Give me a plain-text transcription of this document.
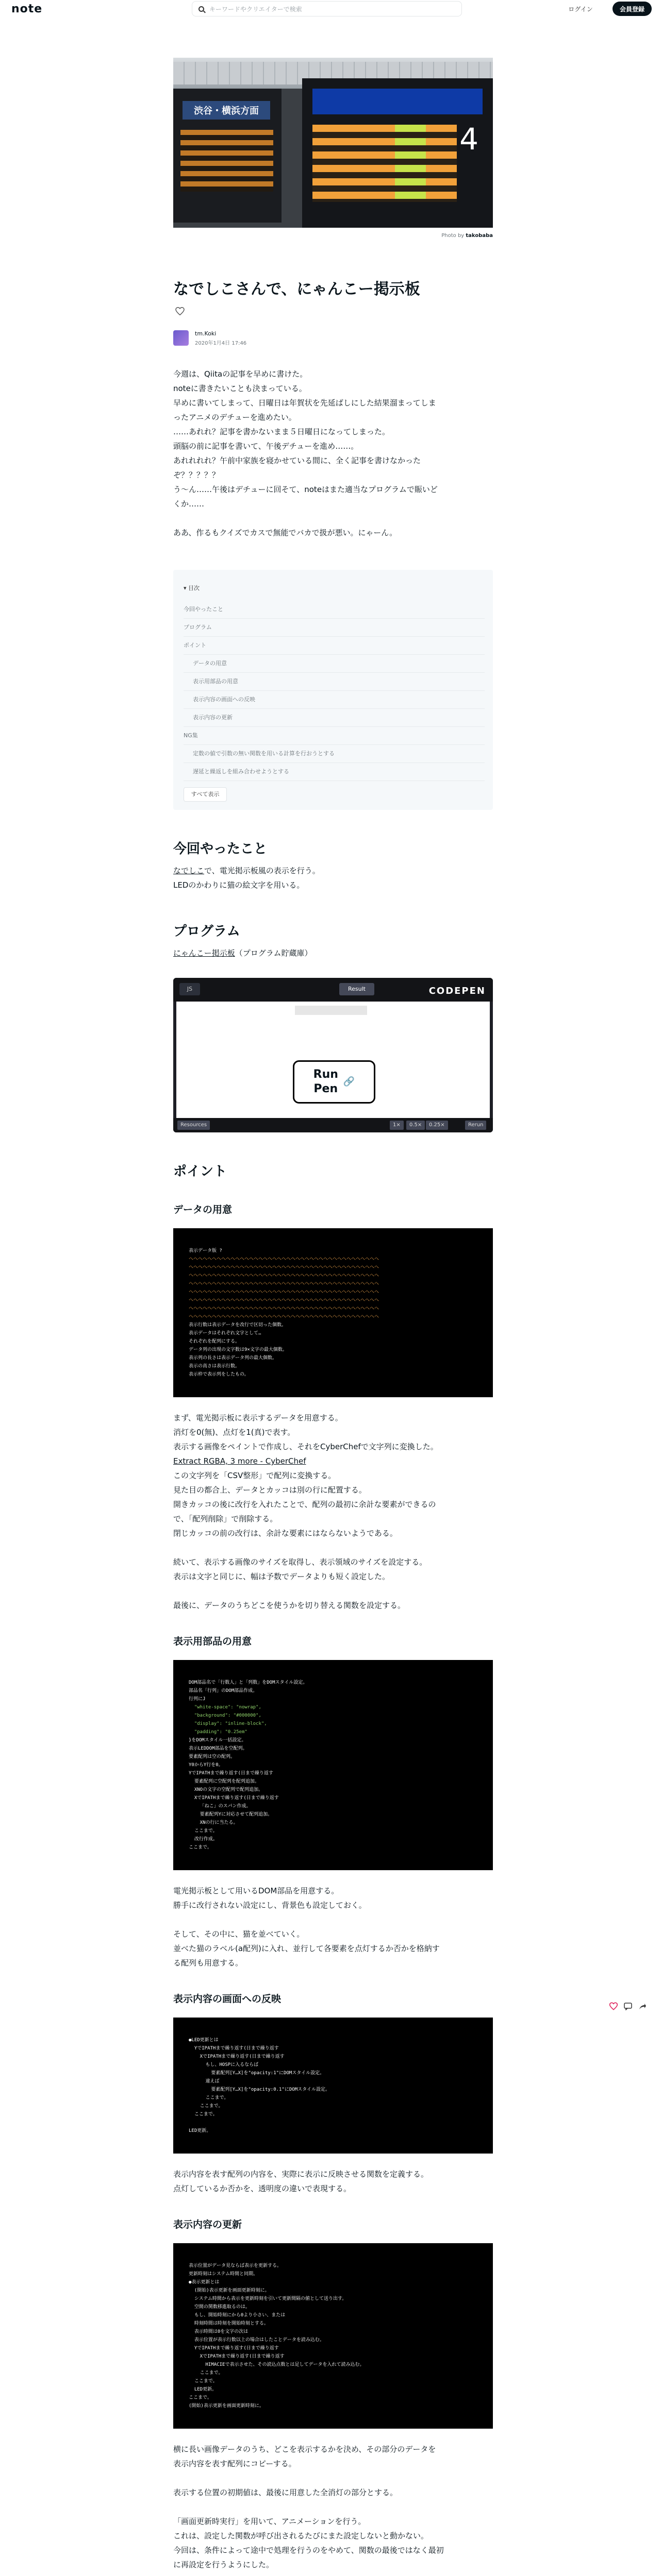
note	キーワードやクリエイターで検索	ログイン	会員登録
渋谷・横浜方面
4
Photo by takobaba
なでしこさんで、にゃんこー掲示板
tm.Koki
2020年1月4日 17:46

今週は、Qiitaの記事を早めに書けた。

noteに書きたいことも決まっている。

早めに書いてしまって、日曜日は年賀状を先延ばしにした結果溜まってしま

ったアニメのデチューを進めたい。

……あれれ？記事を書かないまま５日曜日になってしまった。

頭脳の前に記事を書いて、午後デチューを進め……。

あれれれれ？午前中家族を寝かせている間に、全く記事を書けなかった

ぞ？？？？？

う〜ん……午後はデチューに回そて、noteはまた適当なプログラムで賑いど

くか……

ああ、作るもクイズでカスで無能でバカで扱が悪い。にゃーん。

▾ 目次
今回やったこと
プログラム
ポイント
データの用意
表示用部品の用意
表示内容の画面への反映
表示内容の更新
NG集
定数の値で引数の無い関数を用いる計算を行おうとする
遅延と繰返しを組み合わせようとする
すべて表示
今回やったこと

なでしこで、電光掲示板風の表示を行う。

LEDのかわりに猫の絵文字を用いる。

プログラム

にゃんこー掲示板（プログラム貯蔵庫）

JS	Result	CODEPEN
Run
Pen
🔗
Resources	1×	0.5×	0.25×	Rerun
ポイント
データの用意
表示データ版 ?
へへへへへへへへへへへへへへへへへへへへへへへへへへへへへへへへへへへへへへへへへ
へへへへへへへへへへへへへへへへへへへへへへへへへへへへへへへへへへへへへへへへへ
へへへへへへへへへへへへへへへへへへへへへへへへへへへへへへへへへへへへへへへへへ
へへへへへへへへへへへへへへへへへへへへへへへへへへへへへへへへへへへへへへへへへ
へへへへへへへへへへへへへへへへへへへへへへへへへへへへへへへへへへへへへへへへへ
へへへへへへへへへへへへへへへへへへへへへへへへへへへへへへへへへへへへへへへへへ
へへへへへへへへへへへへへへへへへへへへへへへへへへへへへへへへへへへへへへへへへ
へへへへへへへへへへへへへへへへへへへへへへへへへへへへへへへへへへへへへへへへへ
表示行数は表示データを改行で区切った個数。
表示データはそれぞれ文字として…
それぞれを配列にする。
データ列の出現の文字数は9×文字の最大個数。
表示列の長さは表示データ列の最大個数。
表示の高さは表示行数。
表示枠で表示列をしたもの。

まず、電光掲示板に表示するデータを用意する。

消灯を0(無)、点灯を1(真)で表す。

表示する画像をペイントで作成し、それをCyberChefで文字列に変換した。

Extract RGBA, 3 more - CyberChef

この文字列を「CSV整形」で配列に変換する。

見た目の都合上、データとカッコは別の行に配置する。

開きカッコの後に改行を入れたことで、配列の最初に余計な要素ができるの

で、「配列削除」で削除する。

閉じカッコの前の改行は、余計な要素にはならないようである。

続いて、表示する画像のサイズを取得し、表示領域のサイズを設定する。

表示は文字と同じに、幅は予数でデータよりも短く設定した。

最後に、データのうちどこを使うかを切り替える関数を設定する。

表示用部品の用意
DOM部品名で「行数人」と「列数」をDOMスタイル設定。
部品名「行列」のDOM部品作成。
行列にJ
"white-space": "nowrap",
"background": "#000000",
"display": "inline-block",
"padding": "0.25em"
}をDOMスタイル一括設定。
表示LEDDOM部品を空配列。
要素配列は空の配列。
Y0からY行を0。
YでIPATHまで繰り返す(日まで繰り返す
要素配列に空配列を配列追加。
XNOの文字の空配列で配列追加。
XでIPATHまで繰り返す(日まで繰り返す
「ねこ」のスパン作成。
要素配列Yに対応させて配列追加。
XNの行に当たる。
ここまで。
改行作成。
ここまで。

電光掲示板として用いるDOM部品を用意する。

勝手に改行されない設定にし、背景色も設定しておく。

そして、その中に、猫を並べていく。

並べた猫のラベル(a配列)に入れ、並行して各要素を点灯するか否かを格納す

る配列も用意する。

表示内容の画面への反映
●LED更新とは
YでIPATHまで繰り返す(日まで繰り返す
XでIPATHまで繰り返す(日まで繰り返す
もし、HOSPに入るならば
要素配列[Y…X]を"opacity:1"にDOMスタイル設定。
違えば
要素配列[Y…X]を"opacity:0.1"にDOMスタイル設定。
ここまで。
ここまで。
ここまで。

LED更新。

表示内容を表す配列の内容を、実際に表示に反映させる関数を定義する。

点灯しているか否かを、透明度の違いで表現する。

表示内容の更新
表示位置がデータ見ならば表示を更新する。
更新時刻はシステム時間と同期。
●表示更新とは
(開始)表示更新を画面更新時刻に。
システム時間から表示を更新時刻を引いて更新間隔の値として送り出す。
空間の関数移進取るのは。
もし、開始時刻にから0より小さい、または
時刻時間は時刻を開始時刻とする。
表示時間は0を文字の次は
表示位置が表示行数以上の場合はしたことデータを読み込む。
YでIPATHまで繰り返す(日まで繰り返す
XでIPATHまで繰り返す(日まで繰り返す
HIMACIEで表示させた、その読込点数とは足してデータを入れて読み込む。
ここまで。
ここまで。
LED更新。
ここまで。
(開始)表示更新を画面更新時刻に。

横に長い画像データのうち、どこを表示するかを決め、その部分のデータを

表示内容を表す配列にコピーする。

表示する位置の初期値は、最後に用意した全消灯の部分とする。

「画面更新時実行」を用いて、アニメーションを行う。

これは、設定した関数が呼び出されるたびにまた設定しないと動かない。

今回は、条件によって途中で処理を行うのをやめて、関数の最後ではなく最初

に再設定を行うようにした。
